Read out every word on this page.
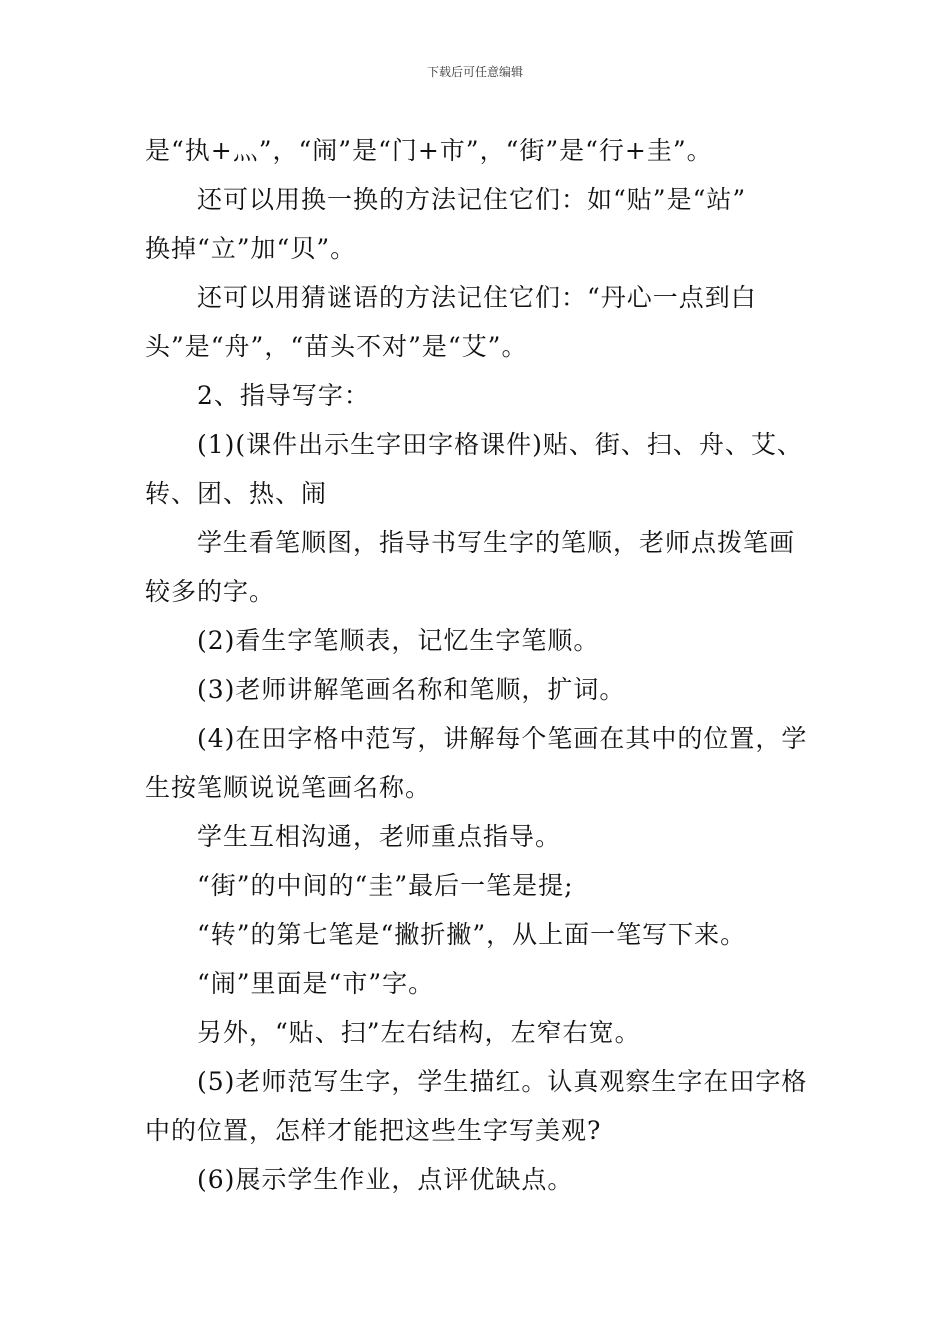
下载后可任意编辑
是“执+灬”，“闹”是“门+市”，“街”是“行+圭”。
还可以用换一换的方法记住它们：如“贴”是“站”
换掉“立”加“贝”。
还可以用猜谜语的方法记住它们：“丹心一点到白
头”是“舟”，“苗头不对”是“艾”。
2、指导写字：
(1)(课件出示生字田字格课件)贴、街、扫、舟、艾、
转、团、热、闹
学生看笔顺图，指导书写生字的笔顺，老师点拨笔画
较多的字。
(2)看生字笔顺表，记忆生字笔顺。
(3)老师讲解笔画名称和笔顺，扩词。
(4)在田字格中范写，讲解每个笔画在其中的位置，学
生按笔顺说说笔画名称。
学生互相沟通，老师重点指导。
“街”的中间的“圭”最后一笔是提;
“转”的第七笔是“撇折撇”，从上面一笔写下来。
“闹”里面是“市”字。
另外，“贴、扫”左右结构，左窄右宽。
(5)老师范写生字，学生描红。认真观察生字在田字格
中的位置，怎样才能把这些生字写美观?
(6)展示学生作业，点评优缺点。
